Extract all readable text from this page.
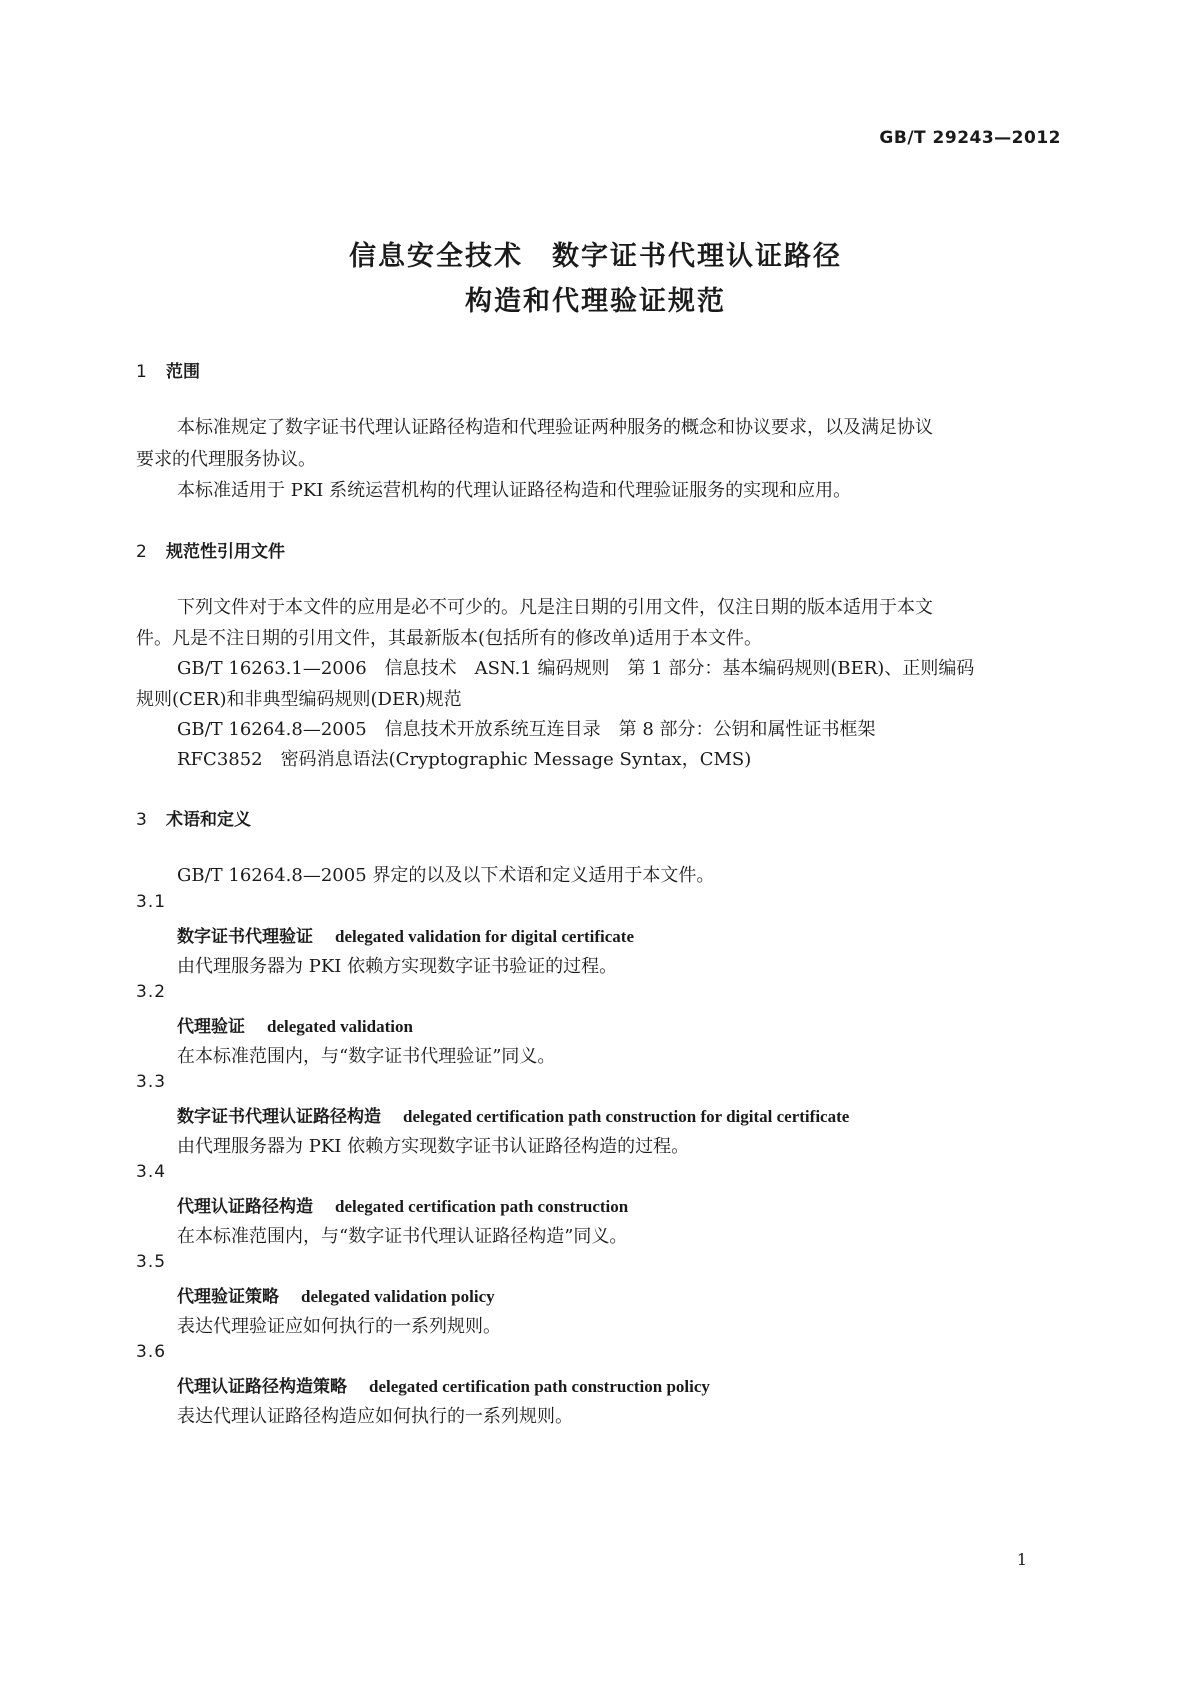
GB/T 29243—2012
信息安全技术　数字证书代理认证路径
构造和代理验证规范
1 范围
本标准规定了数字证书代理认证路径构造和代理验证两种服务的概念和协议要求，以及满足协议
要求的代理服务协议。
本标准适用于 PKI 系统运营机构的代理认证路径构造和代理验证服务的实现和应用。
2 规范性引用文件
下列文件对于本文件的应用是必不可少的。凡是注日期的引用文件，仅注日期的版本适用于本文
件。凡是不注日期的引用文件，其最新版本(包括所有的修改单)适用于本文件。
GB/T 16263.1—2006　信息技术　ASN.1 编码规则　第 1 部分：基本编码规则(BER)、正则编码
规则(CER)和非典型编码规则(DER)规范
GB/T 16264.8—2005　信息技术开放系统互连目录　第 8 部分：公钥和属性证书框架
RFC3852　密码消息语法(Cryptographic Message Syntax，CMS)
3 术语和定义
GB/T 16264.8—2005 界定的以及以下术语和定义适用于本文件。
3.1
数字证书代理验证 delegated validation for digital certificate
由代理服务器为 PKI 依赖方实现数字证书验证的过程。
3.2
代理验证 delegated validation
在本标准范围内，与“数字证书代理验证”同义。
3.3
数字证书代理认证路径构造 delegated certification path construction for digital certificate
由代理服务器为 PKI 依赖方实现数字证书认证路径构造的过程。
3.4
代理认证路径构造 delegated certification path construction
在本标准范围内，与“数字证书代理认证路径构造”同义。
3.5
代理验证策略 delegated validation policy
表达代理验证应如何执行的一系列规则。
3.6
代理认证路径构造策略 delegated certification path construction policy
表达代理认证路径构造应如何执行的一系列规则。
1
